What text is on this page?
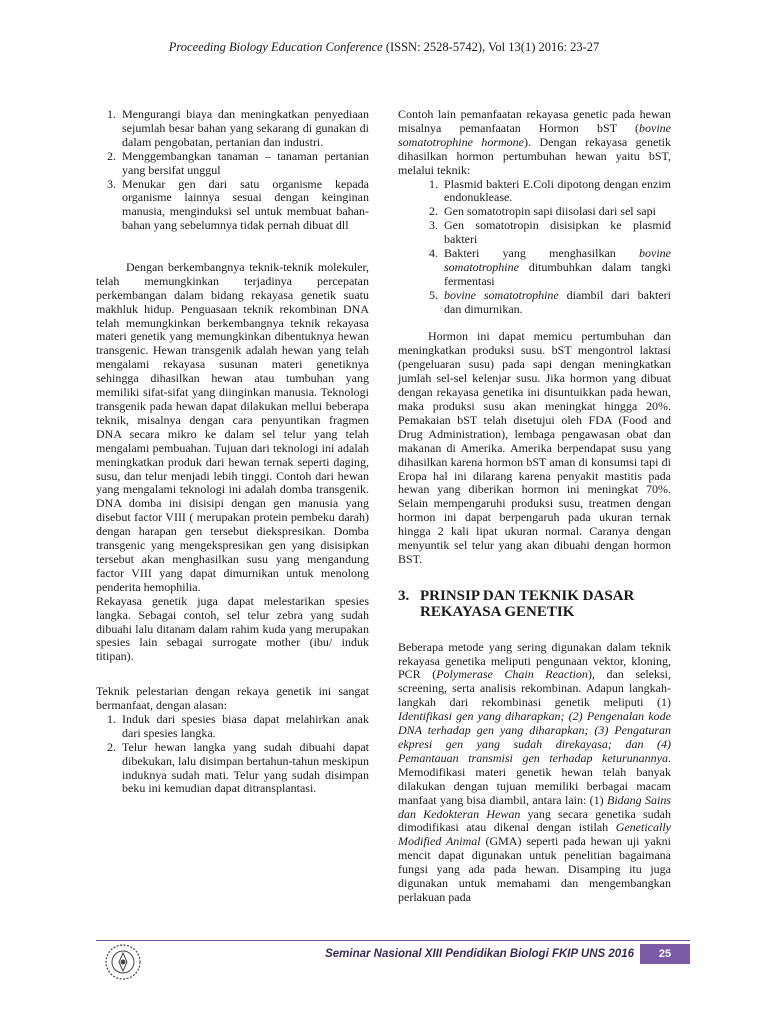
Proceeding Biology Education Conference (ISSN: 2528-5742), Vol 13(1) 2016: 23-27
1. Mengurangi biaya dan meningkatkan penyediaan sejumlah besar bahan yang sekarang di gunakan di dalam pengobatan, pertanian dan industri.
2. Menggembangkan tanaman – tanaman pertanian yang bersifat unggul
3. Menukar gen dari satu organisme kepada organisme lainnya sesuai dengan keinginan manusia, menginduksi sel untuk membuat bahan-bahan yang sebelumnya tidak pernah dibuat dll

Dengan berkembangnya teknik-teknik molekuler, telah memungkinkan terjadinya percepatan perkembangan dalam bidang rekayasa genetik suatu makhluk hidup. Penguasaan teknik rekombinan DNA telah memungkinkan berkembangnya teknik rekayasa materi genetik yang memungkinkan dibentuknya hewan transgenic. Hewan transgenik adalah hewan yang telah mengalami rekayasa susunan materi genetiknya sehingga dihasilkan hewan atau tumbuhan yang memiliki sifat-sifat yang diinginkan manusia. Teknologi transgenik pada hewan dapat dilakukan mellui beberapa teknik, misalnya dengan cara penyuntikan fragmen DNA secara mikro ke dalam sel telur yang telah mengalami pembuahan. Tujuan dari teknologi ini adalah meningkatkan produk dari hewan ternak seperti daging, susu, dan telur menjadi lebih tinggi. Contoh dari hewan yang mengalami teknologi ini adalah domba transgenik. DNA domba ini disisipi dengan gen manusia yang disebut factor VIII ( merupakan protein pembeku darah) dengan harapan gen tersebut diekspresikan. Domba transgenic yang mengekspresikan gen yang disisipkan tersebut akan menghasilkan susu yang mengandung factor VIII yang dapat dimurnikan untuk menolong penderita hemophilia.

Rekayasa genetik juga dapat melestarikan spesies langka. Sebagai contoh, sel telur zebra yang sudah dibuahi lalu ditanam dalam rahim kuda yang merupakan spesies lain sebagai surrogate mother (ibu/ induk titipan).

Teknik pelestarian dengan rekaya genetik ini sangat bermanfaat, dengan alasan:

1. Induk dari spesies biasa dapat melahirkan anak dari spesies langka.
2. Telur hewan langka yang sudah dibuahi dapat dibekukan, lalu disimpan bertahun-tahun meskipun induknya sudah mati. Telur yang sudah disimpan beku ini kemudian dapat ditransplantasi.

Contoh lain pemanfaatan rekayasa genetic pada hewan misalnya pemanfaatan Hormon bST (bovine somatotrophine hormone). Dengan rekayasa genetik dihasilkan hormon pertumbuhan hewan yaitu bST, melalui teknik:

1. Plasmid bakteri E.Coli dipotong dengan enzim endonuklease.
2. Gen somatotropin sapi diisolasi dari sel sapi
3. Gen somatotropin disisipkan ke plasmid bakteri
4. Bakteri yang menghasilkan bovine somatotrophine ditumbuhkan dalam tangki fermentasi
5. bovine somatotrophine diambil dari bakteri dan dimurnikan.

Hormon ini dapat memicu pertumbuhan dan meningkatkan produksi susu. bST mengontrol laktasi (pengeluaran susu) pada sapi dengan meningkatkan jumlah sel-sel kelenjar susu. Jika hormon yang dibuat dengan rekayasa genetika ini disuntuikkan pada hewan, maka produksi susu akan meningkat hingga 20%. Pemakaian bST telah disetujui oleh FDA (Food and Drug Administration), lembaga pengawasan obat dan makanan di Amerika. Amerika berpendapat susu yang dihasilkan karena hormon bST aman di konsumsi tapi di Eropa hal ini dilarang karena penyakit mastitis pada hewan yang diberikan hormon ini meningkat 70%. Selain mempengaruhi produksi susu, treatmen dengan hormon ini dapat berpengaruh pada ukuran ternak hingga 2 kali lipat ukuran normal. Caranya dengan menyuntik sel telur yang akan dibuahi dengan hormon BST.

3. PRINSIP DAN TEKNIK DASAR
REKAYASA GENETIK

Beberapa metode yang sering digunakan dalam teknik rekayasa genetika meliputi pengunaan vektor, kloning, PCR (Polymerase Chain Reaction), dan seleksi, screening, serta analisis rekombinan. Adapun langkah-langkah dari rekombinasi genetik meliputi (1) Identifikasi gen yang diharapkan; (2) Pengenalan kode DNA terhadap gen yang diharapkan; (3) Pengaturan ekpresi gen yang sudah direkayasa; dan (4) Pemantauan transmisi gen terhadap keturunannya. Memodifikasi materi genetik hewan telah banyak dilakukan dengan tujuan memiliki berbagai macam manfaat yang bisa diambil, antara lain: (1) Bidang Sains dan Kedokteran Hewan yang secara genetika sudah dimodifikasi atau dikenal dengan istilah Genetically Modified Animal (GMA) seperti pada hewan uji yakni mencit dapat digunakan untuk penelitian bagaimana fungsi yang ada pada hewan. Disamping itu juga digunakan untuk memahami dan mengembangkan perlakuan pada

Seminar Nasional XIII Pendidikan Biologi FKIP UNS 2016	25
